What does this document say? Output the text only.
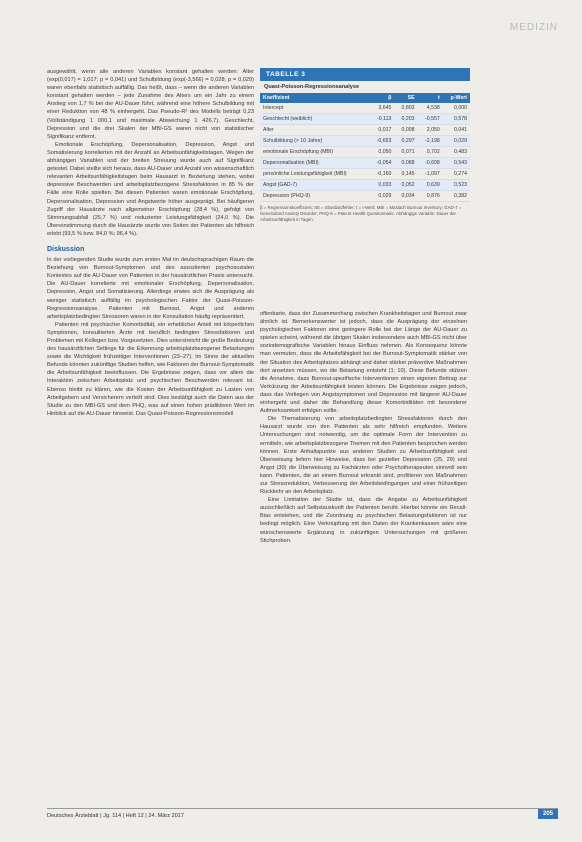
MEDIZIN

ausgewählt, wenn alle anderen Variablen konstant gehalten werden: Alter (exp(0,017) = 1,017; p = 0,041) und Schulbildung (exp(-3,566) = 0,028; p = 0,029) waren ebenfalls statistisch auffällig. Das heißt, dass – wenn die anderen Variablen konstant gehalten werden – jede Zunahme des Alters um ein Jahr zu einem Anstieg von 1,7 % bei der AU-Dauer führt, während eine höhere Schulbildung mit einer Reduktion von 48 % einhergeht. Das Pseudo-R² des Modells beträgt 0,23 (Vollständigung 1 000,1 und maximale Abweichung 1 426,7). Geschlecht, Depression und die drei Skalen der MBI-GS waren nicht von statistischer Signifikanz entfernt.

Emotionale Erschöpfung, Depersonalisation, Depression, Angst und Somatisierung korrelierten mit der Anzahl an Arbeitsunfähigkeitstagen. Wegen der abhängigen Variablen und der breiten Streuung wurde auch auf Signifikanz getestet. Dabei stellte sich heraus, dass AU-Dauer und Anzahl von wissenschaftlich relevanten Arbeitsunfähigkeitstagen beim Hausarzt in Beziehung stehen, wobei depressive Beschwerden und arbeitsplatzbezogene Stressfaktoren in 85 % der Fälle eine Rolle spielten. Bei diesen Patienten waren emotionale Erschöpfung, Depersonalisation, Depression und Angstwerte höher ausgeprägt. Bei häufigeren Zugriff der Hausärzte nach allgemeiner Erschöpfung (28,4 %), gefolgt von Stimmungsabfall (25,7 %) und reduzierter Leistungsfähigkeit (24,0 %). Die Übereinstimmung durch die Hausärzte wurde von Seiten der Patienten als hilfreich erlebt (93,5 % bzw. 84,0 %; 96,4 %).

Diskussion

In der vorliegenden Studie wurde zum ersten Mal im deutschsprachigen Raum die Beziehung von Burnout-Symptomen und des assoziierten psychosozialen Kontextes auf die AU-Dauer von Patienten in der hausärztlichen Praxis untersucht. Die AU-Dauer korrelierte mit emotionaler Erschöpfung, Depersonalisation, Depression, Angst und Somatisierung. Allerdings erwies sich die Ausprägung als weniger statistisch auffällig im psychologischen Faktor der Quasi-Poisson-Regressionsanalyse. Patienten mit Burnout, Angst und anderen arbeitsplatzbedingten Stressoren waren in der Konsultation häufig repräsentiert.

Patienten mit psychischer Komorbidität, ein erheblicher Anteil mit körperlichen Symptomen, konsultierten Ärzte mit beruflich bedingten Stressfaktoren und Problemen mit Kollegen bzw. Vorgesetzten. Dies unterstreicht die große Bedeutung des hausärztlichen Settings für die Erkennung arbeitsplatzbezogener Belastungen sowie die Wichtigkeit frühzeitiger Interventionen (23–27). Im Sinne der aktuellen Befunde könnten zukünftige Studien helfen, wie Faktoren der Burnout-Symptomatik die Arbeitsunfähigkeit beeinflussen. Die Ergebnisse zeigen, dass vor allem die Interaktion zwischen Arbeitsplatz und psychischen Beschwerden relevant ist. Ebenso bleibt zu klären, wie die Kosten der Arbeitsunfähigkeit zu Lasten von Arbeitgebern und Versicherern verteilt sind. Dies bestätigt auch die Daten aus der Studie zu den MBI-GS und dem PHQ, was auf einen hohen prädiktiven Wert im Hinblick auf die AU-Dauer hinweist. Das Quasi-Poisson-Regressionsmodell

TABELLE 3
Quasi-Poisson-Regressionsanalyse
Koeffizient	β	SE	t	p-Wert
Intercept	3,645	0,803	4,538	0,000
Geschlecht (weiblich)	-0,113	0,203	-0,557	0,578
Alter	0,017	0,008	2,050	0,041
Schulbildung (> 10 Jahre)	-0,653	0,297	-2,198	0,029
emotionale Erschöpfung (MBI)	0,050	0,071	0,702	0,483
Depersonalisation (MBI)	-0,054	0,088	-0,608	0,543
persönliche Leistungsfähigkeit (MBI)	-0,160	0,145	-1,097	0,274
Angst (GAD-7)	0,033	0,052	0,639	0,523
Depression (PHQ-9)	0,029	0,034	0,876	0,382
β = Regressionskoeffizient; SE = Standardfehler; t = t-Wert; MBI = Maslach Burnout Inventory; GAD-7 = Generalized Anxiety Disorder; PHQ-9 = Patient Health Questionnaire. Abhängige Variable: Dauer der Arbeitsunfähigkeit in Tagen.

offenbarte, dass der Zusammenhang zwischen Krankheitstagen und Burnout zwar ähnlich ist. Bemerkenswerter ist jedoch, dass die Ausprägung der einzelnen psychologischen Faktoren eine geringere Rolle bei der Länge der AU-Dauer zu spielen scheint, während die übrigen Skalen insbesondere auch MBI-GS nicht über soziodemografische Variablen hinaus Einfluss nehmen. Als Konsequenz könnte man vermuten, dass die Arbeitsfähigkeit bei der Burnout-Symptomatik stärker von der Situation des Arbeitsplatzes abhängt und daher stärker präventive Maßnahmen dort ansetzen müssen, wo die Belastung entsteht (1; 10). Diese Befunde stützen die Annahme, dass Burnout-spezifische Interventionen einen eigenen Beitrag zur Verkürzung der Arbeitsunfähigkeit leisten können. Die Ergebnisse zeigen jedoch, dass das Vorliegen von Angstsymptomen und Depression mit längerer AU-Dauer einhergeht und daher die Behandlung dieser Komorbiditäten mit besonderer Aufmerksamkeit erfolgen sollte.

Die Thematisierung von arbeitsplatzbedingten Stressfaktoren durch den Hausarzt wurde von den Patienten als sehr hilfreich empfunden. Weitere Untersuchungen sind notwendig, um die optimale Form der Intervention zu ermitteln, wie arbeitsplatzbezogene Themen mit den Patienten besprochen werden können. Erste Anhaltspunkte aus anderen Studien zu Arbeitsunfähigkeit und Überweisung liefern hier Hinweise, dass bei gezielter Depression (25, 29) und Angst (30) die Überweisung zu Fachärzten oder Psychotherapeuten sinnvoll sein kann. Patienten, die an einem Burnout erkrankt sind, profitieren von Maßnahmen zur Stressreduktion, Verbesserung der Arbeitsbedingungen und einer frühzeitigen Rückkehr an den Arbeitsplatz.

Eine Limitation der Studie ist, dass die Angabe zu Arbeitsunfähigkeit ausschließlich auf Selbstauskunft der Patienten beruht. Hierbei könnte ein Recall-Bias entstehen, und die Zuordnung zu psychischen Belastungsfaktoren ist nur bedingt möglich. Eine Verknüpfung mit den Daten der Krankenkassen wäre eine wünschenswerte Ergänzung in zukünftigen Untersuchungen mit größeren Stichproben.

Deutsches Ärzteblatt | Jg. 114 | Heft 12 | 24. März 2017	205
